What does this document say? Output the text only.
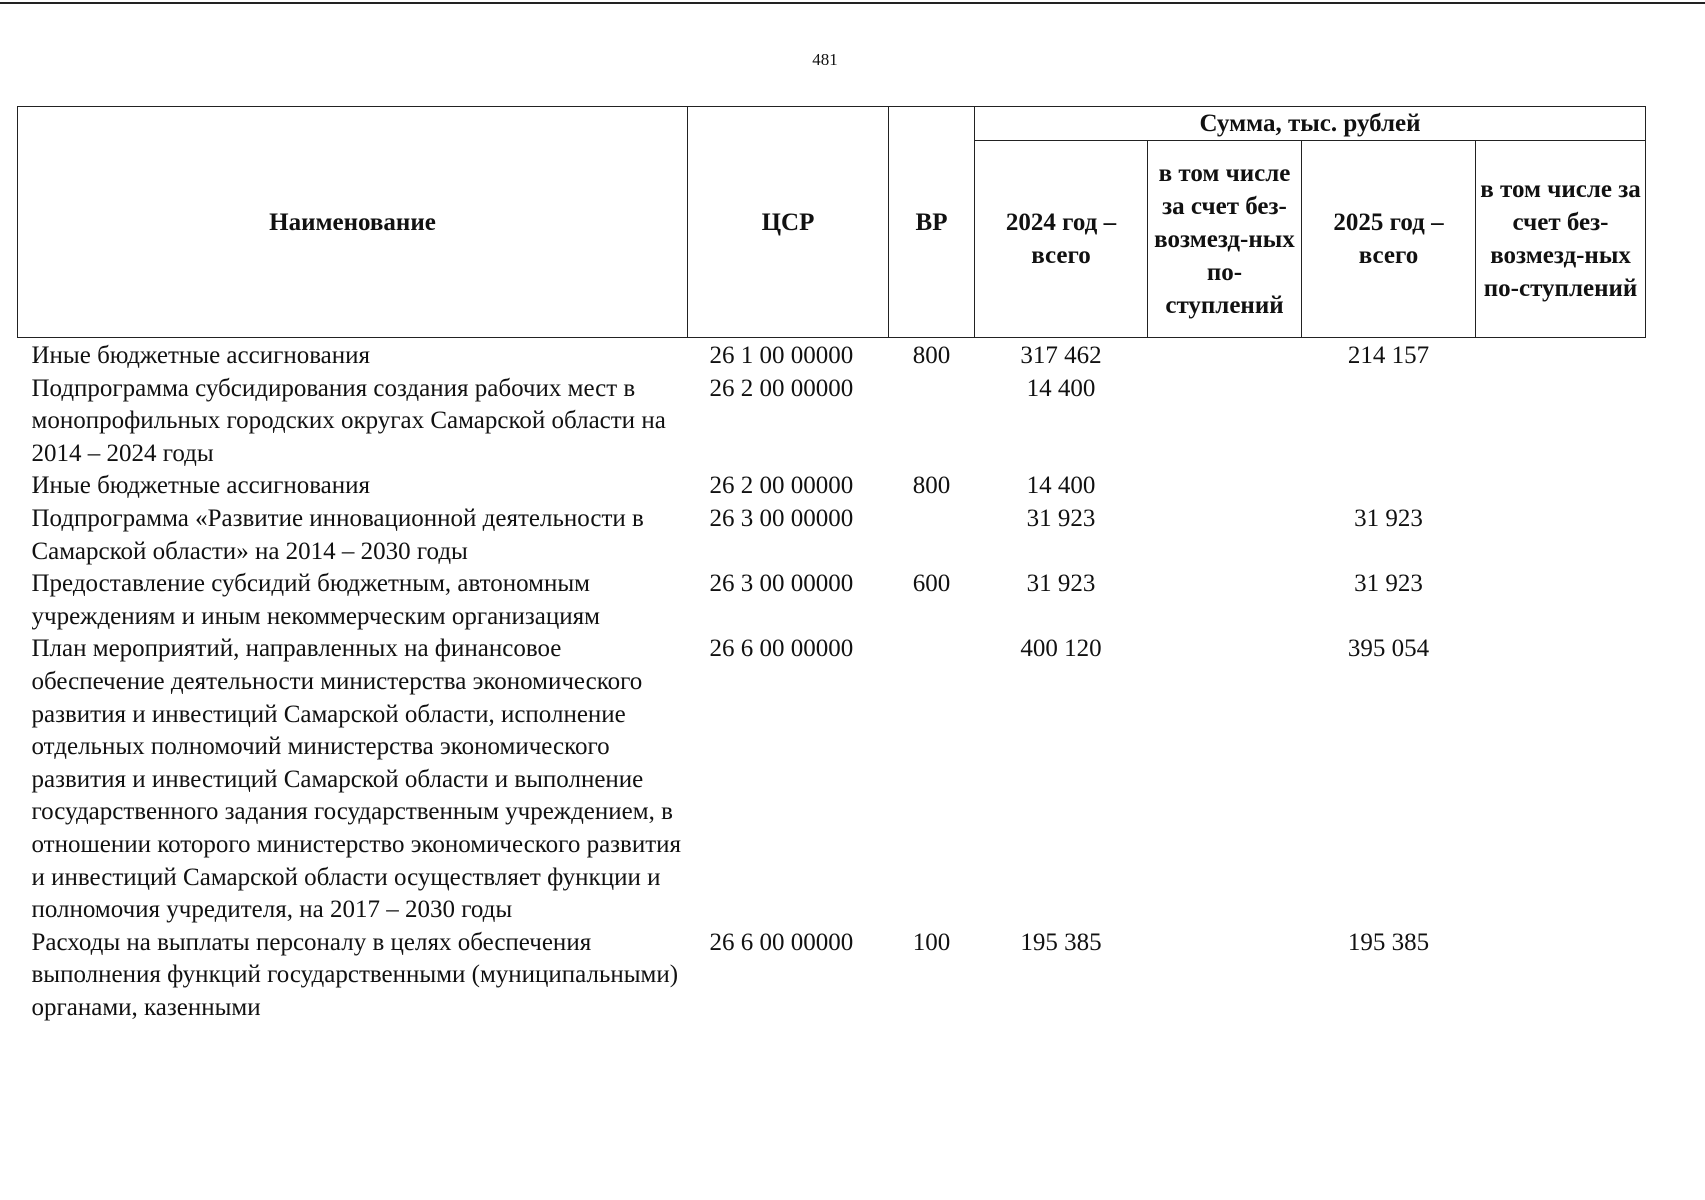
481
Наименование	ЦСР	ВР	Сумма, тыс. рублей			
			2024 год – всего	в том числе за счет без-возмезд-ных по-ступлений	2025 год – всего	в том числе за счет без-возмезд-ных по-ступлений
Иные бюджетные ассигнования	26 1 00 00000	800	317 462		214 157	
Подпрограмма субсидирования создания рабочих мест в монопрофильных городских округах Самарской области на 2014 – 2024 годы	26 2 00 00000		14 400			
Иные бюджетные ассигнования	26 2 00 00000	800	14 400			
Подпрограмма «Развитие инновационной деятельности в Самарской области» на 2014 – 2030 годы	26 3 00 00000		31 923		31 923	
Предоставление субсидий бюджетным, автономным учреждениям и иным некоммерческим организациям	26 3 00 00000	600	31 923		31 923	
План мероприятий, направленных на финансовое обеспечение деятельности министерства экономического развития и инвестиций Самарской области, исполнение отдельных полномочий министерства экономического развития и инвестиций Самарской области и выполнение государственного задания государственным учреждением, в отношении которого министерство экономического развития и инвестиций Самарской области осуществляет функции и полномочия учредителя, на 2017 – 2030 годы	26 6 00 00000		400 120		395 054	
Расходы на выплаты персоналу в целях обеспечения выполнения функций государственными (муниципальными) органами, казенными	26 6 00 00000	100	195 385		195 385	
